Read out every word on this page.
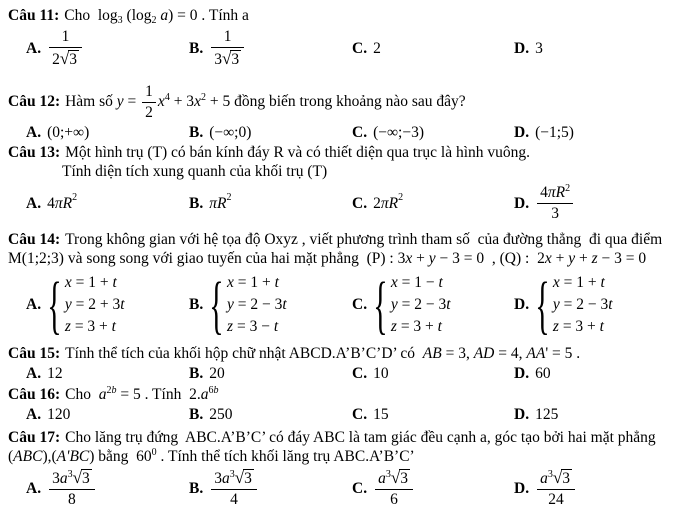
Câu 11: Cho  $\log_3 (\log_2$ a) = 0 . Tính a
A. $\frac{1}{2√3}$	B. $\frac{1}{3√3}$	C. 2	D. 3
Câu 12: Hàm số $y = \frac{1}{2} x^4 + 3x^2 + 5$ đồng biến trong khoảng nào sau đây?
A. (0;+∞)	B. (−∞;0)	C. (−∞;−3)	D. (−1;5)
Câu 13: Một hình trụ (T) có bán kính đáy R và có thiết diện qua trục là hình vuông.
Tính diện tích xung quanh của khối trụ (T)
A. 4 $\pi R^2$	B. $\pi R^2$	C. 2 $\pi R^2$	D. $\frac{4\pi R^2}{3}$
Câu 14: Trong không gian với hệ tọa độ Oxyz , viết phương trình tham số  của đường thẳng  đi qua điểm
M(1;2;3) và song song với giao tuyến của hai mặt phẳng  (P) : 3x + y − 3 = 0  , (Q) :  2x + y + z − 3 = 0
A. { x = 1 + t
y = 2 + 3t
z = 3 + t
B. { x = 1 + t
y = 2 − 3t
z = 3 − t
C. { x = 1 − t
y = 2 − 3t
z = 3 + t
D. { x = 1 + t
y = 2 − 3t
z = 3 + t
Câu 15: Tính thể tích của khối hộp chữ nhật ABCD.A’B’C’D’ có  AB = 3, AD = 4, AA' = 5 .
A. 12	B. 20	C. 10	D. 60
Câu 16: Cho  $a^{2b} = 5$ . Tính  $2.a^{6b}$
A. 120	B. 250	C. 15	D. 125
Câu 17: Cho lăng trụ đứng  ABC.A’B’C’ có đáy ABC là tam giác đều cạnh a, góc tạo bởi hai mặt phẳng
(ABC),(A'BC) bằng  $60^0$ . Tính thể tích khối lăng trụ ABC.A’B’C’
A. $\frac{3a^3√3}{8}$	B. $\frac{3a^3√3}{4}$	C. $\frac{a^3√3}{6}$	D. $\frac{a^3√3}{24}$
